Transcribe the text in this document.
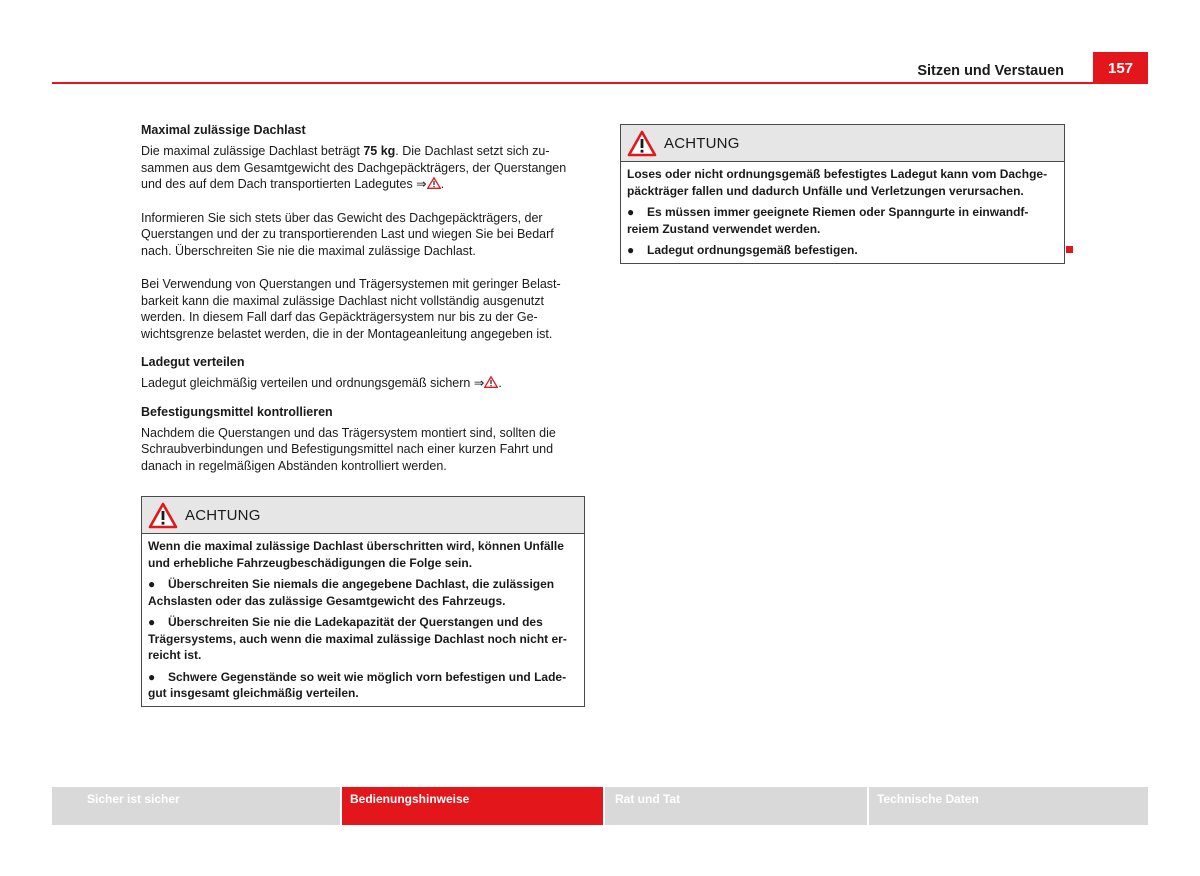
Sitzen und Verstauen	157
Maximal zulässige Dachlast

Die maximal zulässige Dachlast beträgt 75 kg. Die Dachlast setzt sich zu-
sammen aus dem Gesamtgewicht des Dachgepäckträgers, der Querstangen
und des auf dem Dach transportierten Ladegutes ⇒ .

Informieren Sie sich stets über das Gewicht des Dachgepäckträgers, der
Querstangen und der zu transportierenden Last und wiegen Sie bei Bedarf
nach. Überschreiten Sie nie die maximal zulässige Dachlast.

Bei Verwendung von Querstangen und Trägersystemen mit geringer Belast-
barkeit kann die maximal zulässige Dachlast nicht vollständig ausgenutzt
werden. In diesem Fall darf das Gepäckträgersystem nur bis zu der Ge-
wichtsgrenze belastet werden, die in der Montageanleitung angegeben ist.

Ladegut verteilen

Ladegut gleichmäßig verteilen und ordnungsgemäß sichern ⇒ .

Befestigungsmittel kontrollieren

Nachdem die Querstangen und das Trägersystem montiert sind, sollten die
Schraubverbindungen und Befestigungsmittel nach einer kurzen Fahrt und
danach in regelmäßigen Abständen kontrolliert werden.

ACHTUNG

Wenn die maximal zulässige Dachlast überschritten wird, können Unfälle
und erhebliche Fahrzeugbeschädigungen die Folge sein.

● Überschreiten Sie niemals die angegebene Dachlast, die zulässigen
Achslasten oder das zulässige Gesamtgewicht des Fahrzeugs.

● Überschreiten Sie nie die Ladekapazität der Querstangen und des
Trägersystems, auch wenn die maximal zulässige Dachlast noch nicht er-
reicht ist.

● Schwere Gegenstände so weit wie möglich vorn befestigen und Lade-
gut insgesamt gleichmäßig verteilen.

ACHTUNG

Loses oder nicht ordnungsgemäß befestigtes Ladegut kann vom Dachge-
päckträger fallen und dadurch Unfälle und Verletzungen verursachen.

● Es müssen immer geeignete Riemen oder Spanngurte in einwandf-
reiem Zustand verwendet werden.

● Ladegut ordnungsgemäß befestigen.

Sicher ist sicher	Bedienungshinweise	Rat und Tat	Technische Daten
